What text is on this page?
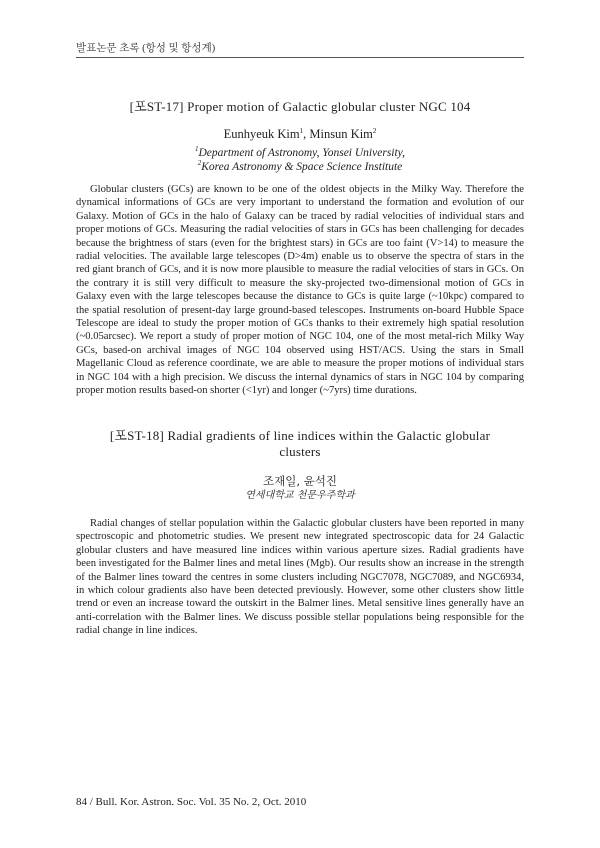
발표논문 초록 (항성 및 항성계)
[포ST-17] Proper motion of Galactic globular cluster NGC 104
Eunhyeuk Kim$^1$, Minsun Kim$^2$
$^1$Department of Astronomy, Yonsei University,
$^2$Korea Astronomy & Space Science Institute

Globular clusters (GCs) are known to be one of the oldest objects in the Milky Way. Therefore the dynamical informations of GCs are very important to understand the formation and evolution of our Galaxy. Motion of GCs in the halo of Galaxy can be traced by radial velocities of individual stars and proper motions of GCs. Measuring the radial velocities of stars in GCs has been challenging for decades because the brightness of stars (even for the brightest stars) in GCs are too faint (V>14) to measure the radial velocities. The available large telescopes (D>4m) enable us to observe the spectra of stars in the red giant branch of GCs, and it is now more plausible to measure the radial velocities of stars in GCs. On the contrary it is still very difficult to measure the sky-projected two-dimensional motion of GCs in Galaxy even with the large telescopes because the distance to GCs is quite large (~10kpc) compared to the spatial resolution of present-day large ground-based telescopes. Instruments on-board Hubble Space Telescope are ideal to study the proper motion of GCs thanks to their extremely high spatial resolution (~0.05arcsec). We report a study of proper motion of NGC 104, one of the most metal-rich Milky Way GCs, based-on archival images of NGC 104 observed using HST/ACS. Using the stars in Small Magellanic Cloud as reference coordinate, we are able to measure the proper motions of individual stars in NGC 104 with a high precision. We discuss the internal dynamics of stars in NGC 104 by comparing proper motion results based-on shorter (<1yr) and longer (~7yrs) time durations.

[포ST-18] Radial gradients of line indices within the Galactic globular
clusters
조재일, 윤석진
연세대학교 천문우주학과

Radial changes of stellar population within the Galactic globular clusters have been reported in many spectroscopic and photometric studies. We present new integrated spectroscopic data for 24 Galactic globular clusters and have measured line indices within various aperture sizes. Radial gradients have been investigated for the Balmer lines and metal lines (Mgb). Our results show an increase in the strength of the Balmer lines toward the centres in some clusters including NGC7078, NGC7089, and NGC6934, in which colour gradients also have been detected previously. However, some other clusters show little trend or even an increase toward the outskirt in the Balmer lines. Metal sensitive lines generally have an anti-correlation with the Balmer lines. We discuss possible stellar populations being responsible for the radial change in line indices.

84 / Bull. Kor. Astron. Soc. Vol. 35 No. 2, Oct. 2010
